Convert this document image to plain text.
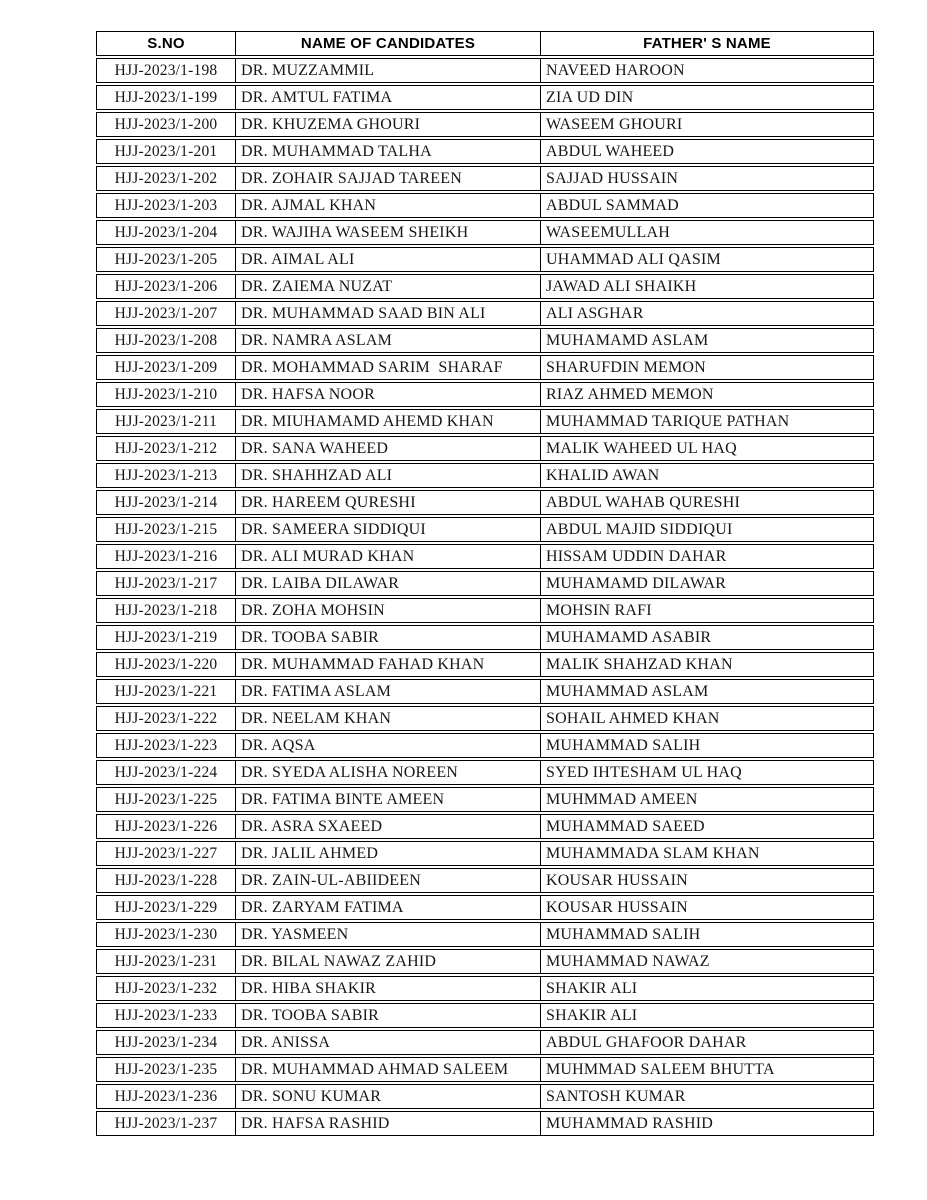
S.NO	NAME OF CANDIDATES	FATHER' S NAME
HJJ-2023/1-198	DR. MUZZAMMIL	NAVEED HAROON
HJJ-2023/1-199	DR. AMTUL FATIMA	ZIA UD DIN
HJJ-2023/1-200	DR. KHUZEMA GHOURI	WASEEM GHOURI
HJJ-2023/1-201	DR. MUHAMMAD TALHA	ABDUL WAHEED
HJJ-2023/1-202	DR. ZOHAIR SAJJAD TAREEN	SAJJAD HUSSAIN
HJJ-2023/1-203	DR. AJMAL KHAN	ABDUL SAMMAD
HJJ-2023/1-204	DR. WAJIHA WASEEM SHEIKH	WASEEMULLAH
HJJ-2023/1-205	DR. AIMAL ALI	UHAMMAD ALI QASIM
HJJ-2023/1-206	DR. ZAIEMA NUZAT	JAWAD ALI SHAIKH
HJJ-2023/1-207	DR. MUHAMMAD SAAD BIN ALI	ALI ASGHAR
HJJ-2023/1-208	DR. NAMRA ASLAM	MUHAMAMD ASLAM
HJJ-2023/1-209	DR. MOHAMMAD SARIM  SHARAF	SHARUFDIN MEMON
HJJ-2023/1-210	DR. HAFSA NOOR	RIAZ AHMED MEMON
HJJ-2023/1-211	DR. MIUHAMAMD AHEMD KHAN	MUHAMMAD TARIQUE PATHAN
HJJ-2023/1-212	DR. SANA WAHEED	MALIK WAHEED UL HAQ
HJJ-2023/1-213	DR. SHAHHZAD ALI	KHALID AWAN
HJJ-2023/1-214	DR. HAREEM QURESHI	ABDUL WAHAB QURESHI
HJJ-2023/1-215	DR. SAMEERA SIDDIQUI	ABDUL MAJID SIDDIQUI
HJJ-2023/1-216	DR. ALI MURAD KHAN	HISSAM UDDIN DAHAR
HJJ-2023/1-217	DR. LAIBA DILAWAR	MUHAMAMD DILAWAR
HJJ-2023/1-218	DR. ZOHA MOHSIN	MOHSIN RAFI
HJJ-2023/1-219	DR. TOOBA SABIR	MUHAMAMD ASABIR
HJJ-2023/1-220	DR. MUHAMMAD FAHAD KHAN	MALIK SHAHZAD KHAN
HJJ-2023/1-221	DR. FATIMA ASLAM	MUHAMMAD ASLAM
HJJ-2023/1-222	DR. NEELAM KHAN	SOHAIL AHMED KHAN
HJJ-2023/1-223	DR. AQSA	MUHAMMAD SALIH
HJJ-2023/1-224	DR. SYEDA ALISHA NOREEN	SYED IHTESHAM UL HAQ
HJJ-2023/1-225	DR. FATIMA BINTE AMEEN	MUHMMAD AMEEN
HJJ-2023/1-226	DR. ASRA SXAEED	MUHAMMAD SAEED
HJJ-2023/1-227	DR. JALIL AHMED	MUHAMMADA SLAM KHAN
HJJ-2023/1-228	DR. ZAIN-UL-ABIIDEEN	KOUSAR HUSSAIN
HJJ-2023/1-229	DR. ZARYAM FATIMA	KOUSAR HUSSAIN
HJJ-2023/1-230	DR. YASMEEN	MUHAMMAD SALIH
HJJ-2023/1-231	DR. BILAL NAWAZ ZAHID	MUHAMMAD NAWAZ
HJJ-2023/1-232	DR. HIBA SHAKIR	SHAKIR ALI
HJJ-2023/1-233	DR. TOOBA SABIR	SHAKIR ALI
HJJ-2023/1-234	DR. ANISSA	ABDUL GHAFOOR DAHAR
HJJ-2023/1-235	DR. MUHAMMAD AHMAD SALEEM	MUHMMAD SALEEM BHUTTA
HJJ-2023/1-236	DR. SONU KUMAR	SANTOSH KUMAR
HJJ-2023/1-237	DR. HAFSA RASHID	MUHAMMAD RASHID
